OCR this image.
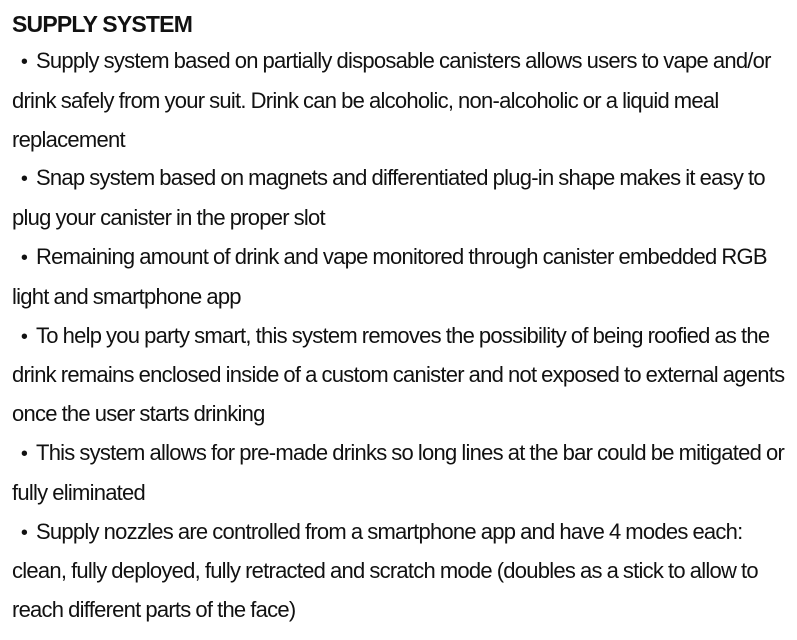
SUPPLY SYSTEM
• Supply system based on partially disposable canisters allows users to vape and/or drink safely from your suit. Drink can be alcoholic, non-alcoholic or a liquid meal replacement
• Snap system based on magnets and differentiated plug-in shape makes it easy to plug your canister in the proper slot
• Remaining amount of drink and vape monitored through canister embedded RGB light and smartphone app
• To help you party smart, this system removes the possibility of being roofied as the drink remains enclosed inside of a custom canister and not exposed to external agents once the user starts drinking
• This system allows for pre-made drinks so long lines at the bar could be mitigated or fully eliminated
• Supply nozzles are controlled from a smartphone app and have 4 modes each: clean, fully deployed, fully retracted and scratch mode (doubles as a stick to allow to reach different parts of the face)
